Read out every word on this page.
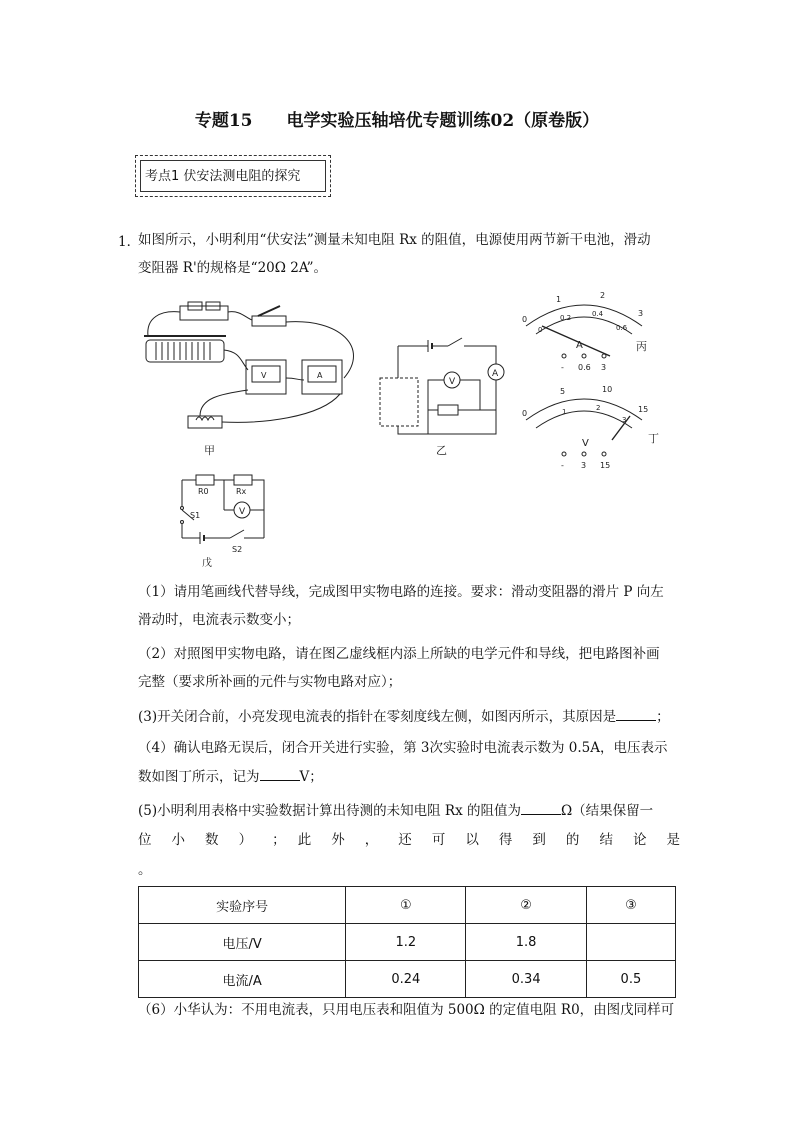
专题15 电学实验压轴培优专题训练02（原卷版）
考点1 伏安法测电阻的探究
1．
如图所示，小明利用“伏安法”测量未知电阻 Rx 的阻值，电源使用两节新干电池，滑动
变阻器 R'的规格是“20Ω 2A”。
甲
V	A	A
V
乙
0
1	2
3
0
0.2	0.4
0.6
A
- 0.6 3
丙
0
5	10
15
1	2
3
V
- 3 15
丁
R0	Rx
V
S1
S2
戊
（1）请用笔画线代替导线，完成图甲实物电路的连接。要求：滑动变阻器的滑片 P 向左
滑动时，电流表示数变小；
（2）对照图甲实物电路，请在图乙虚线框内添上所缺的电学元件和导线，把电路图补画
完整（要求所补画的元件与实物电路对应）；
(3)开关闭合前，小亮发现电流表的指针在零刻度线左侧，如图丙所示，其原因是	；
（4）确认电路无误后，闭合开关进行实验，第 3次实验时电流表示数为 0.5A，电压表示
数如图丁所示，记为	V；
(5)小明利用表格中实验数据计算出待测的未知电阻 Rx 的阻值为	Ω（结果保留一
位 小 数 ） ； 此 外 ， 还 可 以 得 到 的 结 论 是
。
实验序号	①	②	③
电压/V	1.2	1.8	
电流/A	0.24	0.34	0.5
（6）小华认为：不用电流表，只用电压表和阻值为 500Ω 的定值电阻 R0，由图戊同样可
